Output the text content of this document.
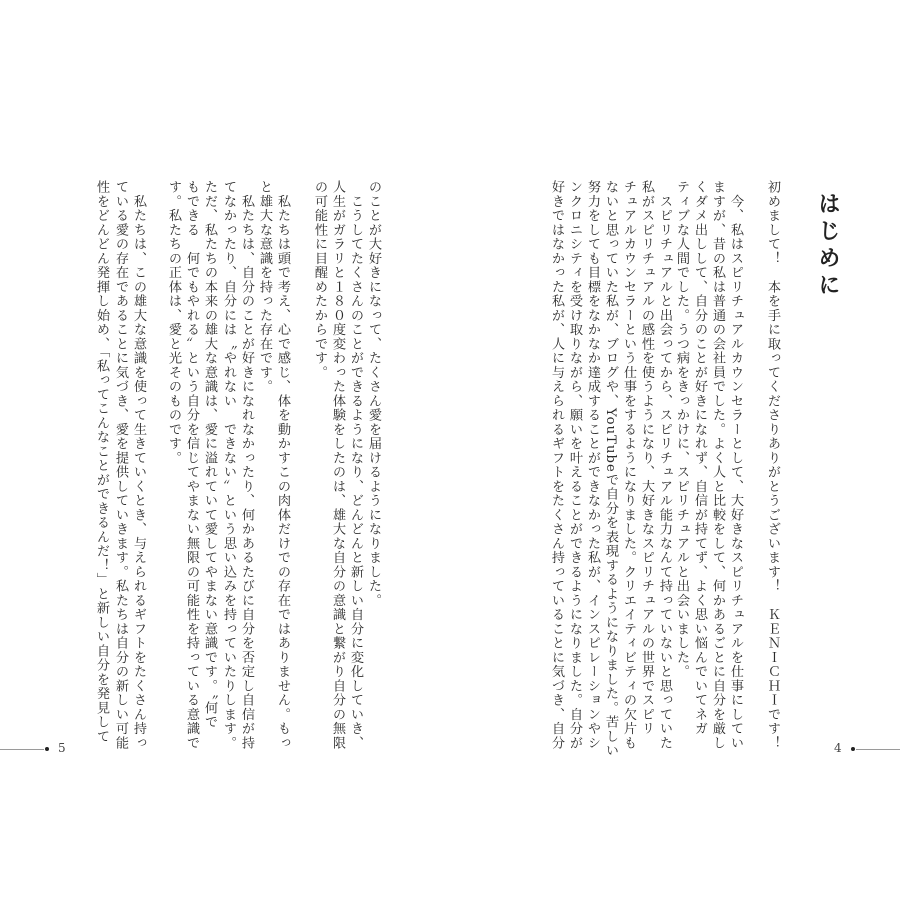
はじめに
初めまして！　本を手に取ってくださりありがとうございます！　ＫＥＮＩＣＨＩです！
　今、私はスピリチュアルカウンセラーとして、大好きなスピリチュアルを仕事にしてい
ますが、昔の私は普通の会社員でした。よく人と比較をして、何かあるごとに自分を厳し
くダメ出しして、自分のことが好きになれず、自信が持てず、よく思い悩んでいてネガ
ティブな人間でした。うつ病をきっかけに、スピリチュアルと出会いました。
　スピリチュアルと出会ってから、スピリチュアル能力なんて持っていないと思っていた
私がスピリチュアルの感性を使うようになり、大好きなスピリチュアルの世界でスピリ
チュアルカウンセラーという仕事をするようになりました。クリエイティビティの欠片も
ないと思っていた私が、ブログや、YouTubeで自分を表現するようになりました。苦しい
努力をしても目標をなかなか達成することができなかった私が、インスピレーションやシ
ンクロニシティを受け取りながら、願いを叶えることができるようになりました。自分が
好きではなかった私が、人に与えられるギフトをたくさん持っていることに気づき、自分	4
のことが大好きになって、たくさん愛を届けるようになりました。
　こうしてたくさんのことができるようになり、どんどんと新しい自分に変化していき、
人生がガラリと１８０度変わった体験をしたのは、雄大な自分の意識と繋がり自分の無限
の可能性に目醒めたからです。
　私たちは頭で考え、心で感じ、体を動かすこの肉体だけでの存在ではありません。もっ
と雄大な意識を持った存在です。
　私たちは、自分のことが好きになれなかったり、何かあるたびに自分を否定し自信が持
てなかったり、自分には〝やれない　できない〟という思い込みを持っていたりします。
ただ、私たちの本来の雄大な意識は、愛に溢れていて愛してやまない意識です。〝何で
もできる　何でもやれる〟という自分を信じてやまない無限の可能性を持っている意識で
す。私たちの正体は、愛と光そのものです。
　私たちは、この雄大な意識を使って生きていくとき、与えられるギフトをたくさん持っ
ている愛の存在であることに気づき、愛を提供していきます。私たちは自分の新しい可能
性をどんどん発揮し始め、「私ってこんなことができるんだ！」と新しい自分を発見して
5
